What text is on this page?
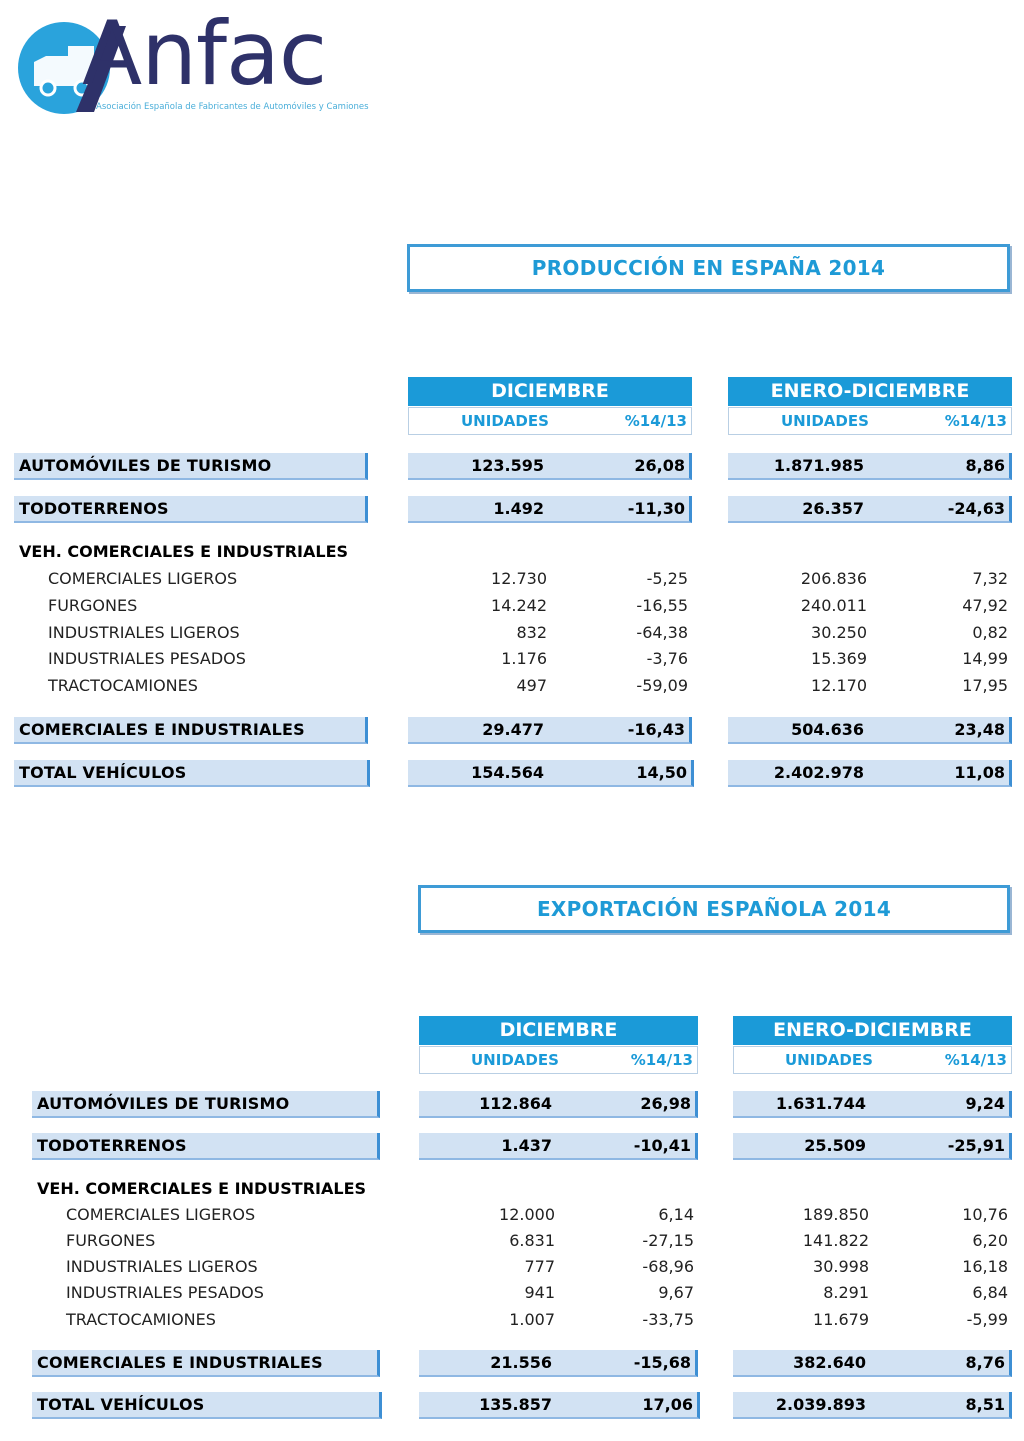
Anfac
Asociación Española de Fabricantes de Automóviles y Camiones
PRODUCCIÓN EN ESPAÑA 2014
DICIEMBRE	ENERO-DICIEMBRE
UNIDADES	%14/13	UNIDADES	%14/13
AUTOMÓVILES DE TURISMO	123.595	26,08	1.871.985	8,86
TODOTERRENOS	1.492	-11,30	26.357	-24,63
VEH. COMERCIALES E INDUSTRIALES
COMERCIALES LIGEROS	12.730	-5,25	206.836	7,32
FURGONES	14.242	-16,55	240.011	47,92
INDUSTRIALES LIGEROS	832	-64,38	30.250	0,82
INDUSTRIALES PESADOS	1.176	-3,76	15.369	14,99
TRACTOCAMIONES	497	-59,09	12.170	17,95
COMERCIALES E INDUSTRIALES	29.477	-16,43	504.636	23,48
TOTAL VEHÍCULOS	154.564	14,50	2.402.978	11,08
EXPORTACIÓN ESPAÑOLA 2014
DICIEMBRE	ENERO-DICIEMBRE
UNIDADES	%14/13	UNIDADES	%14/13
AUTOMÓVILES DE TURISMO	112.864	26,98	1.631.744	9,24
TODOTERRENOS	1.437	-10,41	25.509	-25,91
VEH. COMERCIALES E INDUSTRIALES
COMERCIALES LIGEROS	12.000	6,14	189.850	10,76
FURGONES	6.831	-27,15	141.822	6,20
INDUSTRIALES LIGEROS	777	-68,96	30.998	16,18
INDUSTRIALES PESADOS	941	9,67	8.291	6,84
TRACTOCAMIONES	1.007	-33,75	11.679	-5,99
COMERCIALES E INDUSTRIALES	21.556	-15,68	382.640	8,76
TOTAL VEHÍCULOS	135.857	17,06	2.039.893	8,51
